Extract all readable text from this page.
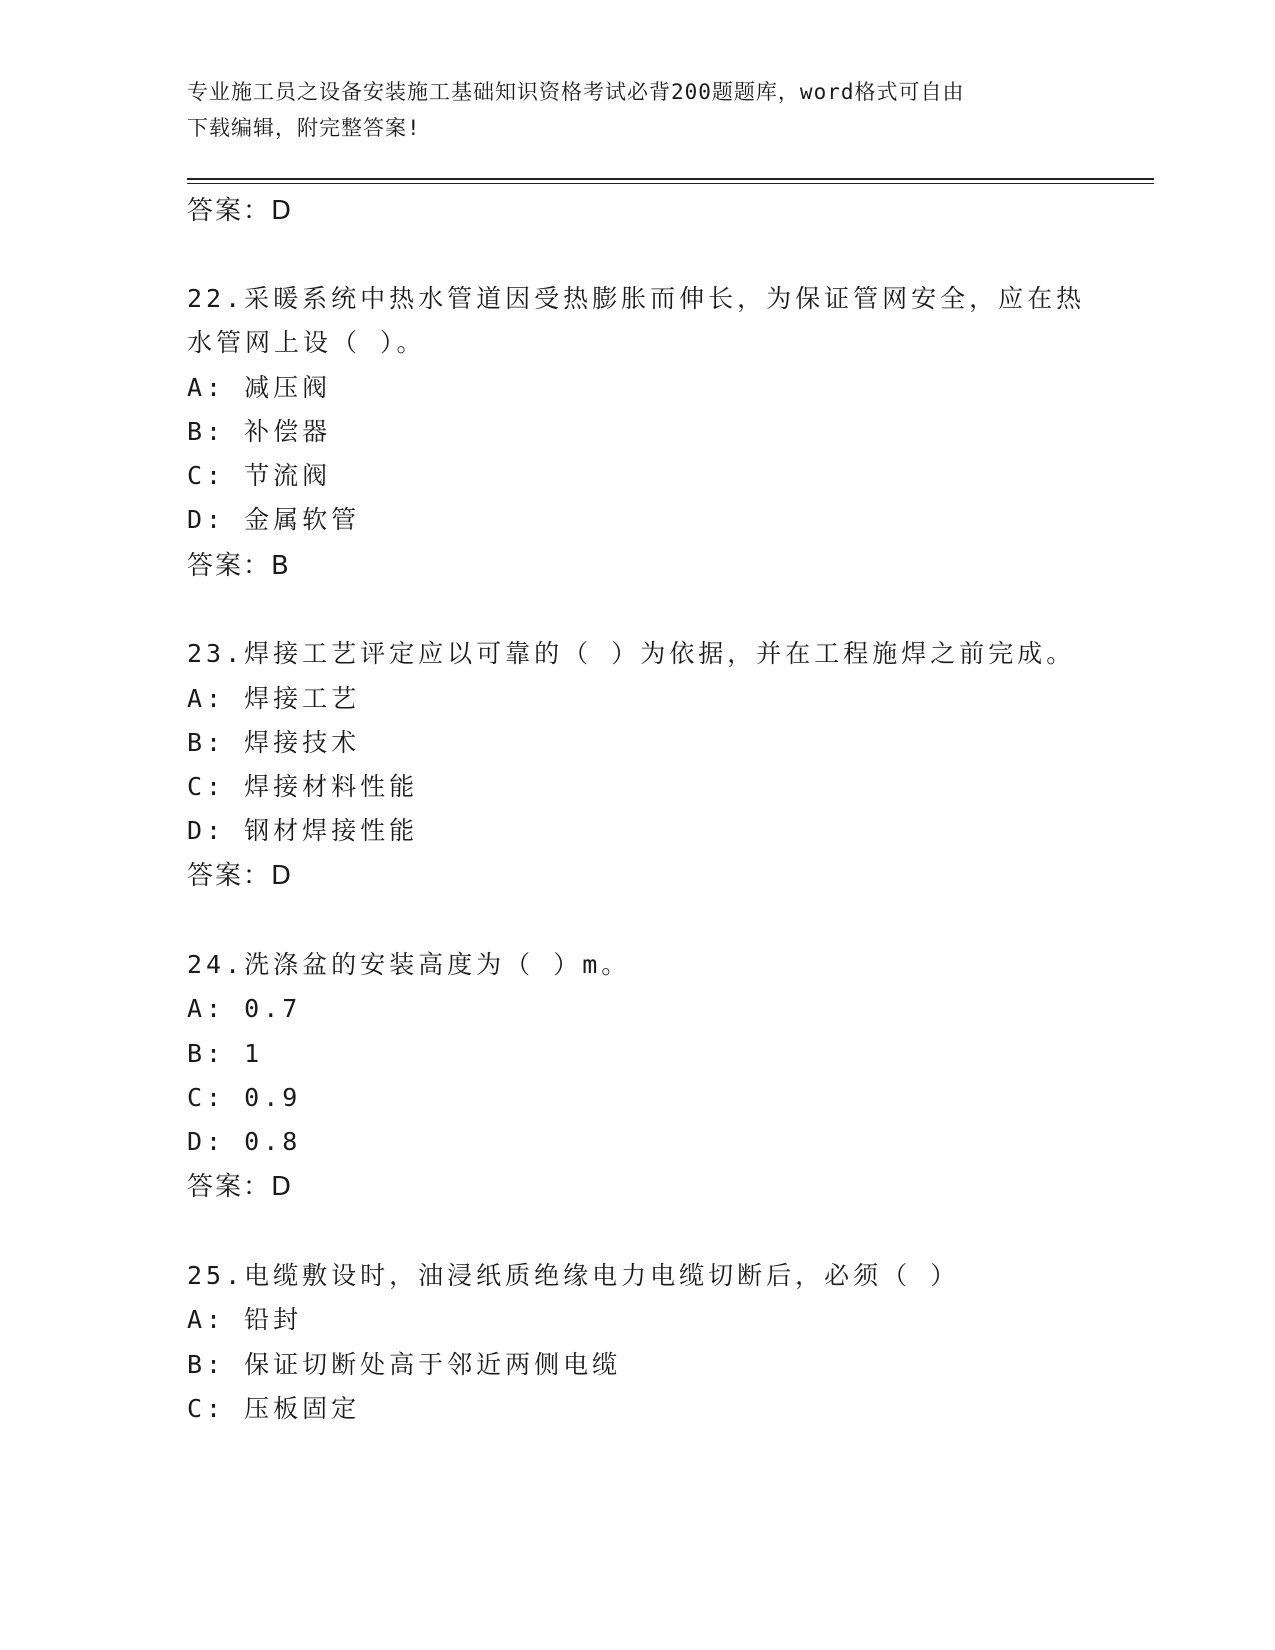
专业施工员之设备安装施工基础知识资格考试必背200题题库，word格式可自由
下载编辑，附完整答案!
答案：D
22.采暖系统中热水管道因受热膨胀而伸长，为保证管网安全，应在热
水管网上设（ ）。
A: 减压阀
B: 补偿器
C: 节流阀
D: 金属软管
答案：B
23.焊接工艺评定应以可靠的（ ）为依据，并在工程施焊之前完成。
A: 焊接工艺
B: 焊接技术
C: 焊接材料性能
D: 钢材焊接性能
答案：D
24.洗涤盆的安装高度为（ ）m。
A: 0.7
B: 1
C: 0.9
D: 0.8
答案：D
25.电缆敷设时，油浸纸质绝缘电力电缆切断后，必须（ ）
A: 铅封
B: 保证切断处高于邻近两侧电缆
C: 压板固定
